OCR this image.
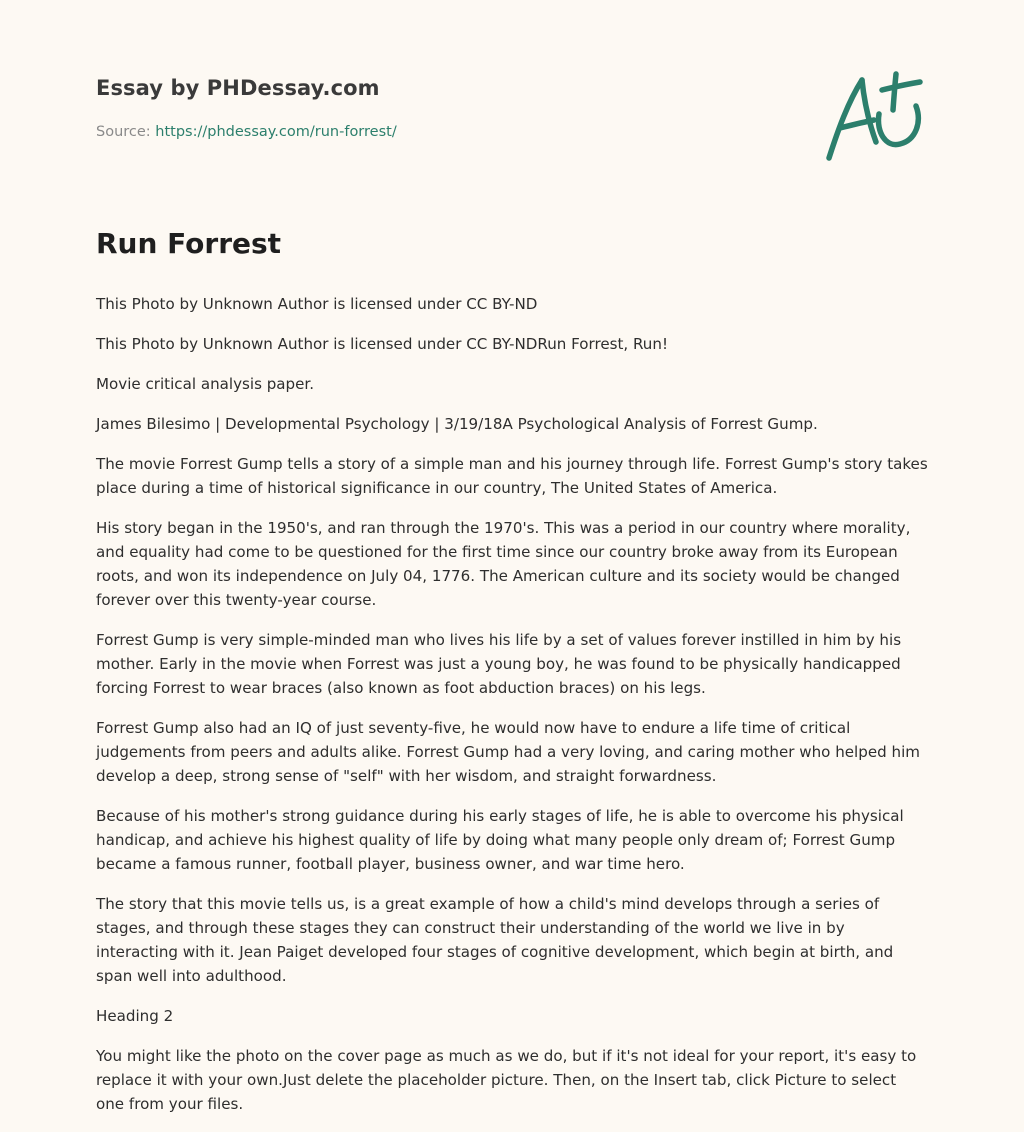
Essay by PHDessay.com
Source: https://phdessay.com/run-forrest/
Run Forrest

This Photo by Unknown Author is licensed under CC BY-ND

This Photo by Unknown Author is licensed under CC BY-NDRun Forrest, Run!

Movie critical analysis paper.

James Bilesimo | Developmental Psychology | 3/19/18A Psychological Analysis of Forrest Gump.

The movie Forrest Gump tells a story of a simple man and his journey through life. Forrest Gump's story takes place during a time of historical significance in our country, The United States of America.

His story began in the 1950's, and ran through the 1970's. This was a period in our country where morality, and equality had come to be questioned for the first time since our country broke away from its European roots, and won its independence on July 04, 1776. The American culture and its society would be changed forever over this twenty-year course.

Forrest Gump is very simple-minded man who lives his life by a set of values forever instilled in him by his mother. Early in the movie when Forrest was just a young boy, he was found to be physically handicapped forcing Forrest to wear braces (also known as foot abduction braces) on his legs.

Forrest Gump also had an IQ of just seventy-five, he would now have to endure a life time of critical judgements from peers and adults alike. Forrest Gump had a very loving, and caring mother who helped him develop a deep, strong sense of "self" with her wisdom, and straight forwardness.

Because of his mother's strong guidance during his early stages of life, he is able to overcome his physical handicap, and achieve his highest quality of life by doing what many people only dream of; Forrest Gump became a famous runner, football player, business owner, and war time hero.

The story that this movie tells us, is a great example of how a child's mind develops through a series of stages, and through these stages they can construct their understanding of the world we live in by interacting with it. Jean Paiget developed four stages of cognitive development, which begin at birth, and span well into adulthood.

Heading 2

You might like the photo on the cover page as much as we do, but if it's not ideal for your report, it's easy to replace it with your own.Just delete the placeholder picture. Then, on the Insert tab, click Picture to select one from your files.
